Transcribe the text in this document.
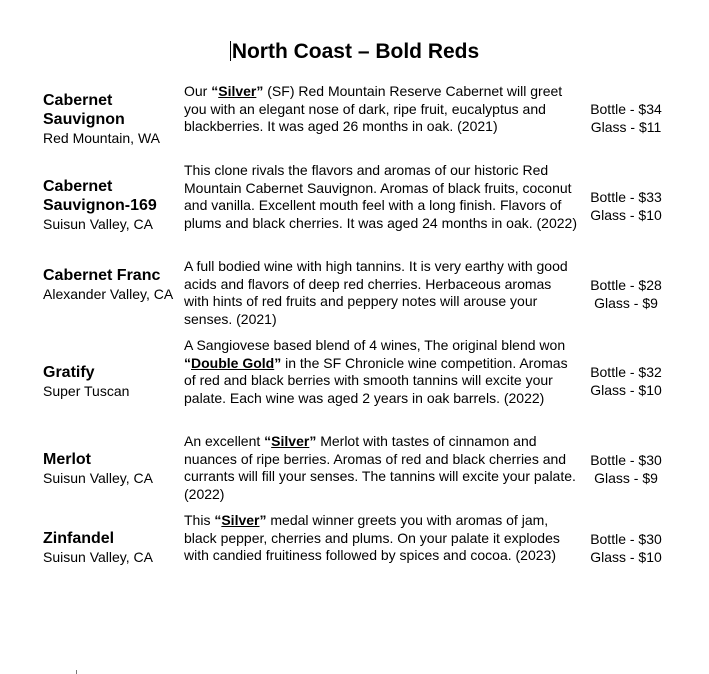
North Coast – Bold Reds
Cabernet Sauvignon
Red Mountain, WA
Our “Silver” (SF) Red Mountain Reserve Cabernet will greet you with an elegant nose of dark, ripe fruit, eucalyptus and blackberries. It was aged 26 months in oak. (2021)
Bottle - $34
Glass - $11
Cabernet Sauvignon-169
Suisun Valley, CA
This clone rivals the flavors and aromas of our historic Red Mountain Cabernet Sauvignon. Aromas of black fruits, coconut and vanilla. Excellent mouth feel with a long finish. Flavors of plums and black cherries. It was aged 24 months in oak. (2022)
Bottle - $33
Glass - $10
Cabernet Franc
Alexander Valley, CA
A full bodied wine with high tannins. It is very earthy with good acids and flavors of deep red cherries. Herbaceous aromas with hints of red fruits and peppery notes will arouse your senses. (2021)
Bottle - $28
Glass - $9
Gratify
Super Tuscan
A Sangiovese based blend of 4 wines, The original blend won “Double Gold” in the SF Chronicle wine competition. Aromas of red and black berries with smooth tannins will excite your palate. Each wine was aged 2 years in oak barrels. (2022)
Bottle - $32
Glass - $10
Merlot
Suisun Valley, CA
An excellent “Silver” Merlot with tastes of cinnamon and nuances of ripe berries. Aromas of red and black cherries and currants will fill your senses. The tannins will excite your palate. (2022)
Bottle - $30
Glass - $9
Zinfandel
Suisun Valley, CA
This “Silver” medal winner greets you with aromas of jam, black pepper, cherries and plums. On your palate it explodes with candied fruitiness followed by spices and cocoa. (2023)
Bottle - $30
Glass - $10
